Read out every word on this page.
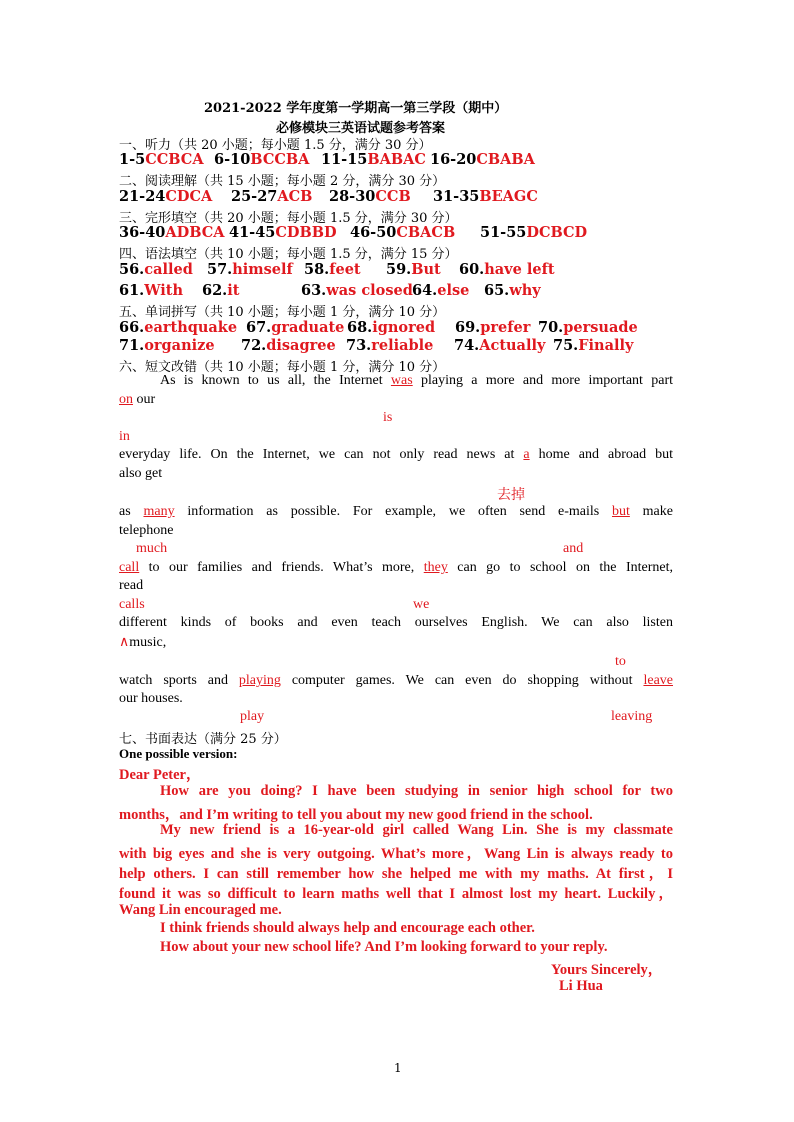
2021-2022 学年度第一学期高一第三学段（期中）
必修模块三英语试题参考答案
一、听力（共 20 小题；每小题 1.5 分，满分 30 分）
1-5CCBCA 6-10BCCBA 11-15BABAC 16-20CBABA
二、阅读理解（共 15 小题；每小题 2 分，满分 30 分）
21-24CDCA 25-27ACB 28-30CCB 31-35BEAGC
三、完形填空（共 20 小题；每小题 1.5 分，满分 30 分）
36-40ADBCA 41-45CDBBD 46-50CBACB 51-55DCBCD
四、语法填空（共 10 小题；每小题 1.5 分，满分 15 分）
56.called 57.himself 58.feet 59.But 60.have left
61.With 62.it	63.was closed64.else 65.why
五、单词拼写（共 10 小题；每小题 1 分，满分 10 分）
66.earthquake 67.graduate 68.ignored 69.prefer 70.persuade
71.organize 72.disagree 73.reliable 74.Actually 75.Finally
六、短文改错（共 10 小题；每小题 1 分，满分 10 分）
As is known to us all, the Internet was playing a more and more important part
on our
is
in
everyday life. On the Internet, we can not only read news at a home and abroad but
also get
去掉
as many information as possible. For example, we often send e-mails but make
telephone
much	and
call to our families and friends. What’s more, they can go to school on the Internet,
read
calls	we
different kinds of books and even teach ourselves English. We can also listen
∧music,
to
watch sports and playing computer games. We can even do shopping without leave
our houses.
play	leaving
七、书面表达（满分 25 分）
One possible version:
Dear Peter，
How are you doing? I have been studying in senior high school for two
months，and I’m writing to tell you about my new good friend in the school.
My new friend is a 16-year-old girl called Wang Lin. She is my classmate
with big eyes and she is very outgoing. What’s more，Wang Lin is always ready to
help others. I can still remember how she helped me with my maths. At first，I
found it was so difficult to learn maths well that I almost lost my heart. Luckily，
Wang Lin encouraged me.
I think friends should always help and encourage each other.
How about your new school life? And I’m looking forward to your reply.
Yours Sincerely，
Li Hua
1
